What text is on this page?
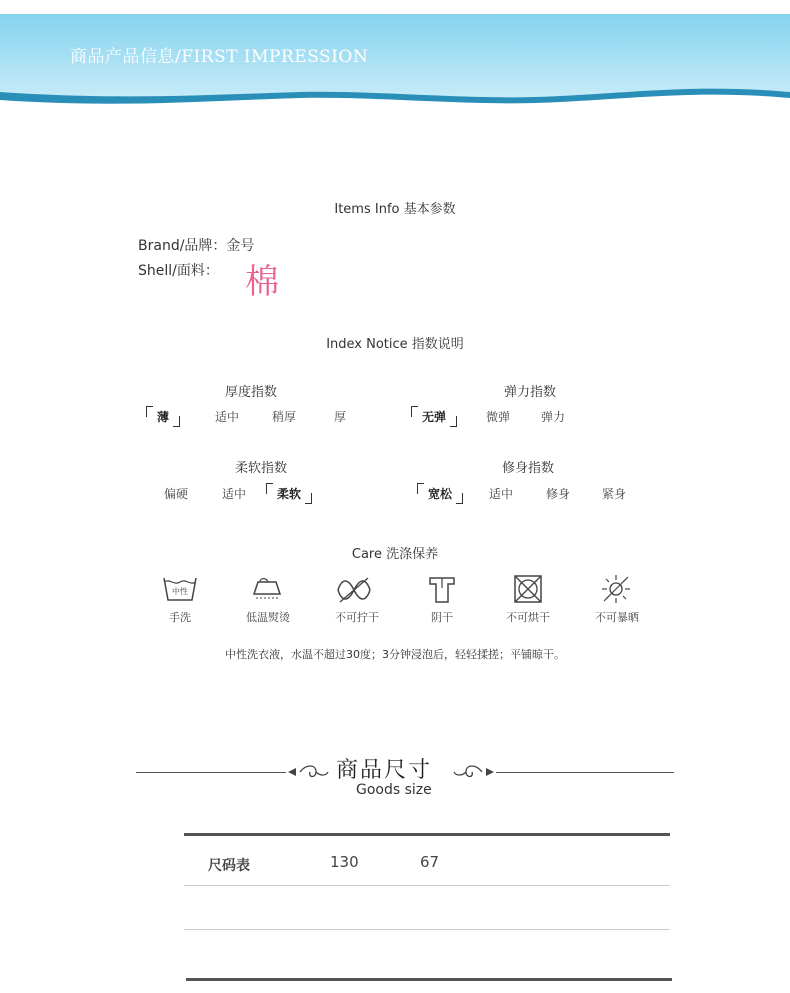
商品产品信息/FIRST IMPRESSION
Items Info 基本参数
Brand/品牌：金号
Shell/面料： 棉
Index Notice 指数说明
厚度指数
薄	适中	稍厚	厚
弹力指数
无弹	微弹	弹力
柔软指数
偏硬	适中	柔软
修身指数
宽松	适中	修身	紧身
Care 洗涤保养
中性
手洗	低温熨烫	不可拧干	阴干	不可烘干	不可暴晒
中性洗衣液，水温不超过30度；3分钟浸泡后，轻轻揉搓；平铺晾干。
商品尺寸
Goods size
尺码表	130	67
